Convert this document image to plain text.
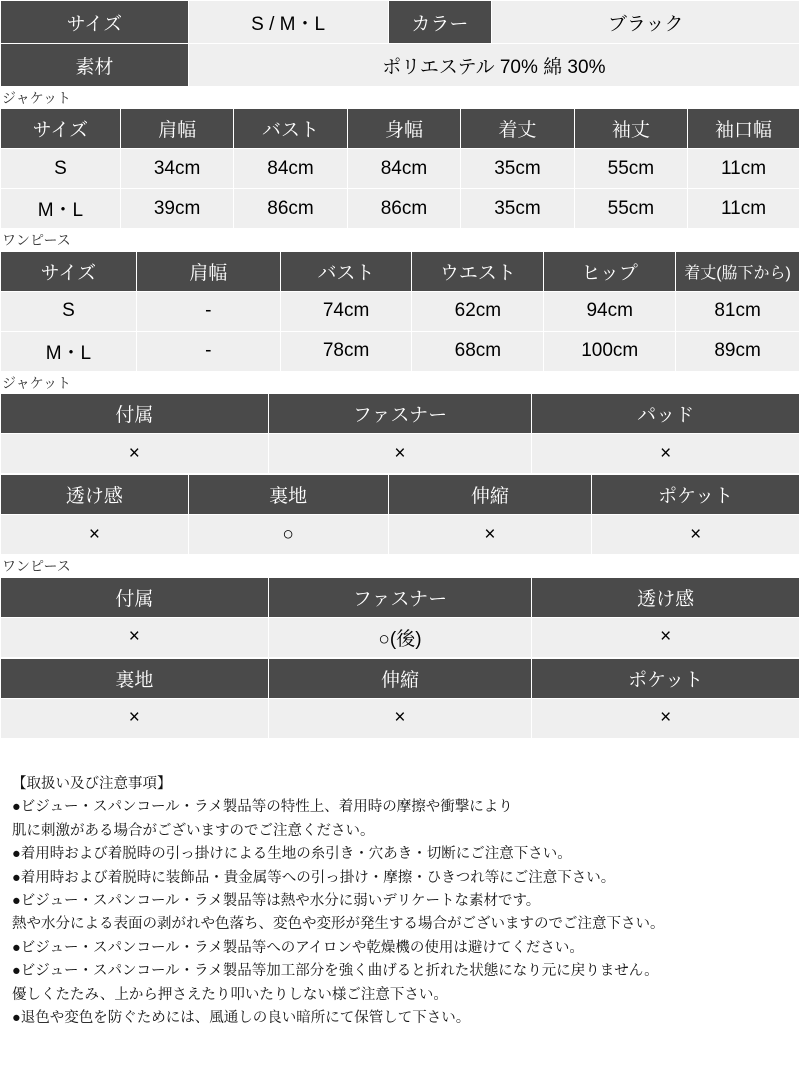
サイズ	S / M・L	カラー	ブラック
素材	ポリエステル 70% 綿 30%		
ジャケット
サイズ	肩幅	バスト	身幅	着丈	袖丈	袖口幅
S	34cm	84cm	84cm	35cm	55cm	11cm
M・L	39cm	86cm	86cm	35cm	55cm	11cm
ワンピース
サイズ	肩幅	バスト	ウエスト	ヒップ	着丈(脇下から)
S	-	74cm	62cm	94cm	81cm
M・L	-	78cm	68cm	100cm	89cm
ジャケット
付属	ファスナー	パッド
×	×	×
透け感	裏地	伸縮	ポケット
×	○	×	×
ワンピース
付属	ファスナー	透け感
×	○(後)	×
裏地	伸縮	ポケット
×	×	×
【取扱い及び注意事項】
●ビジュー・スパンコール・ラメ製品等の特性上、着用時の摩擦や衝撃により
肌に刺激がある場合がございますのでご注意ください。
●着用時および着脱時の引っ掛けによる生地の糸引き・穴あき・切断にご注意下さい。
●着用時および着脱時に装飾品・貴金属等への引っ掛け・摩擦・ひきつれ等にご注意下さい。
●ビジュー・スパンコール・ラメ製品等は熱や水分に弱いデリケートな素材です。
熱や水分による表面の剥がれや色落ち、変色や変形が発生する場合がございますのでご注意下さい。
●ビジュー・スパンコール・ラメ製品等へのアイロンや乾燥機の使用は避けてください。
●ビジュー・スパンコール・ラメ製品等加工部分を強く曲げると折れた状態になり元に戻りません。
優しくたたみ、上から押さえたり叩いたりしない様ご注意下さい。
●退色や変色を防ぐためには、風通しの良い暗所にて保管して下さい。
